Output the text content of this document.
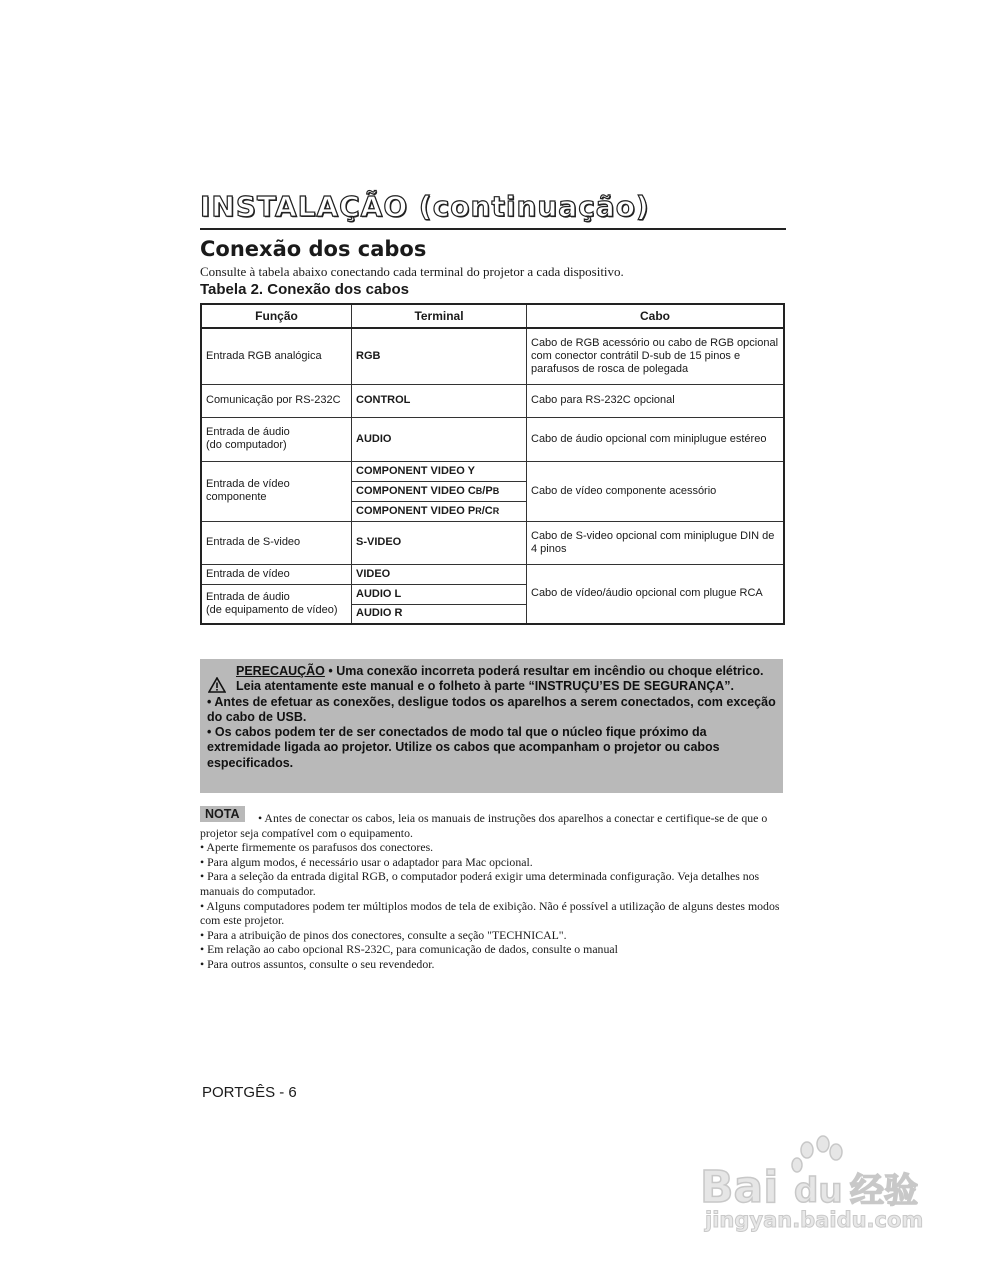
INSTALAÇÃO (continuação)
Conexão dos cabos
Consulte à tabela abaixo conectando cada terminal do projetor a cada dispositivo.
Tabela 2. Conexão dos cabos
Função	Terminal	Cabo
Entrada RGB analógica	RGB	Cabo de RGB acessório ou cabo de RGB opcional com conector contrátil D-sub de 15 pinos e parafusos de rosca de polegada
Comunicação por RS-232C	CONTROL	Cabo para RS-232C opcional
Entrada de áudio
(do computador)	AUDIO	Cabo de áudio opcional com miniplugue estéreo
Entrada de vídeo
componente	COMPONENT VIDEO Y	Cabo de vídeo componente acessório
	COMPONENT VIDEO CB/PB	
	COMPONENT VIDEO PR/CR	
Entrada de S-video	S-VIDEO	Cabo de S-video opcional com miniplugue DIN de 4 pinos
Entrada de vídeo	VIDEO	Cabo de vídeo/áudio opcional com plugue RCA
Entrada de áudio
(de equipamento de vídeo)	AUDIO L	
	AUDIO R	
PERECAUÇÃO • Uma conexão incorreta poderá resultar em incêndio ou choque elétrico. Leia atentamente este manual e o folheto à parte “INSTRUÇU’ES DE SEGURANÇA”.
• Antes de efetuar as conexões, desligue todos os aparelhos a serem conectados, com exceção do cabo de USB.
• Os cabos podem ter de ser conectados de modo tal que o núcleo fique próximo da extremidade ligada ao projetor. Utilize os cabos que acompanham o projetor ou cabos especificados.
NOTA	• Antes de conectar os cabos, leia os manuais de instruções dos aparelhos a conectar e certifique-se de que o projetor seja compatível com o equipamento.

• Aperte firmemente os parafusos dos conectores.

• Para algum modos, é necessário usar o adaptador para Mac opcional.

• Para a seleção da entrada digital RGB, o computador poderá exigir uma determinada configuração. Veja detalhes nos manuais do computador.

• Alguns computadores podem ter múltiplos modos de tela de exibição. Não é possível a utilização de alguns destes modos com este projetor.

• Para a atribuição de pinos dos conectores, consulte a seção "TECHNICAL".

• Em relação ao cabo opcional RS-232C, para comunicação de dados, consulte o manual

• Para outros assuntos, consulte o seu revendedor.

PORTGÊS - 6
Bai du 经验
jingyan.baidu.com
